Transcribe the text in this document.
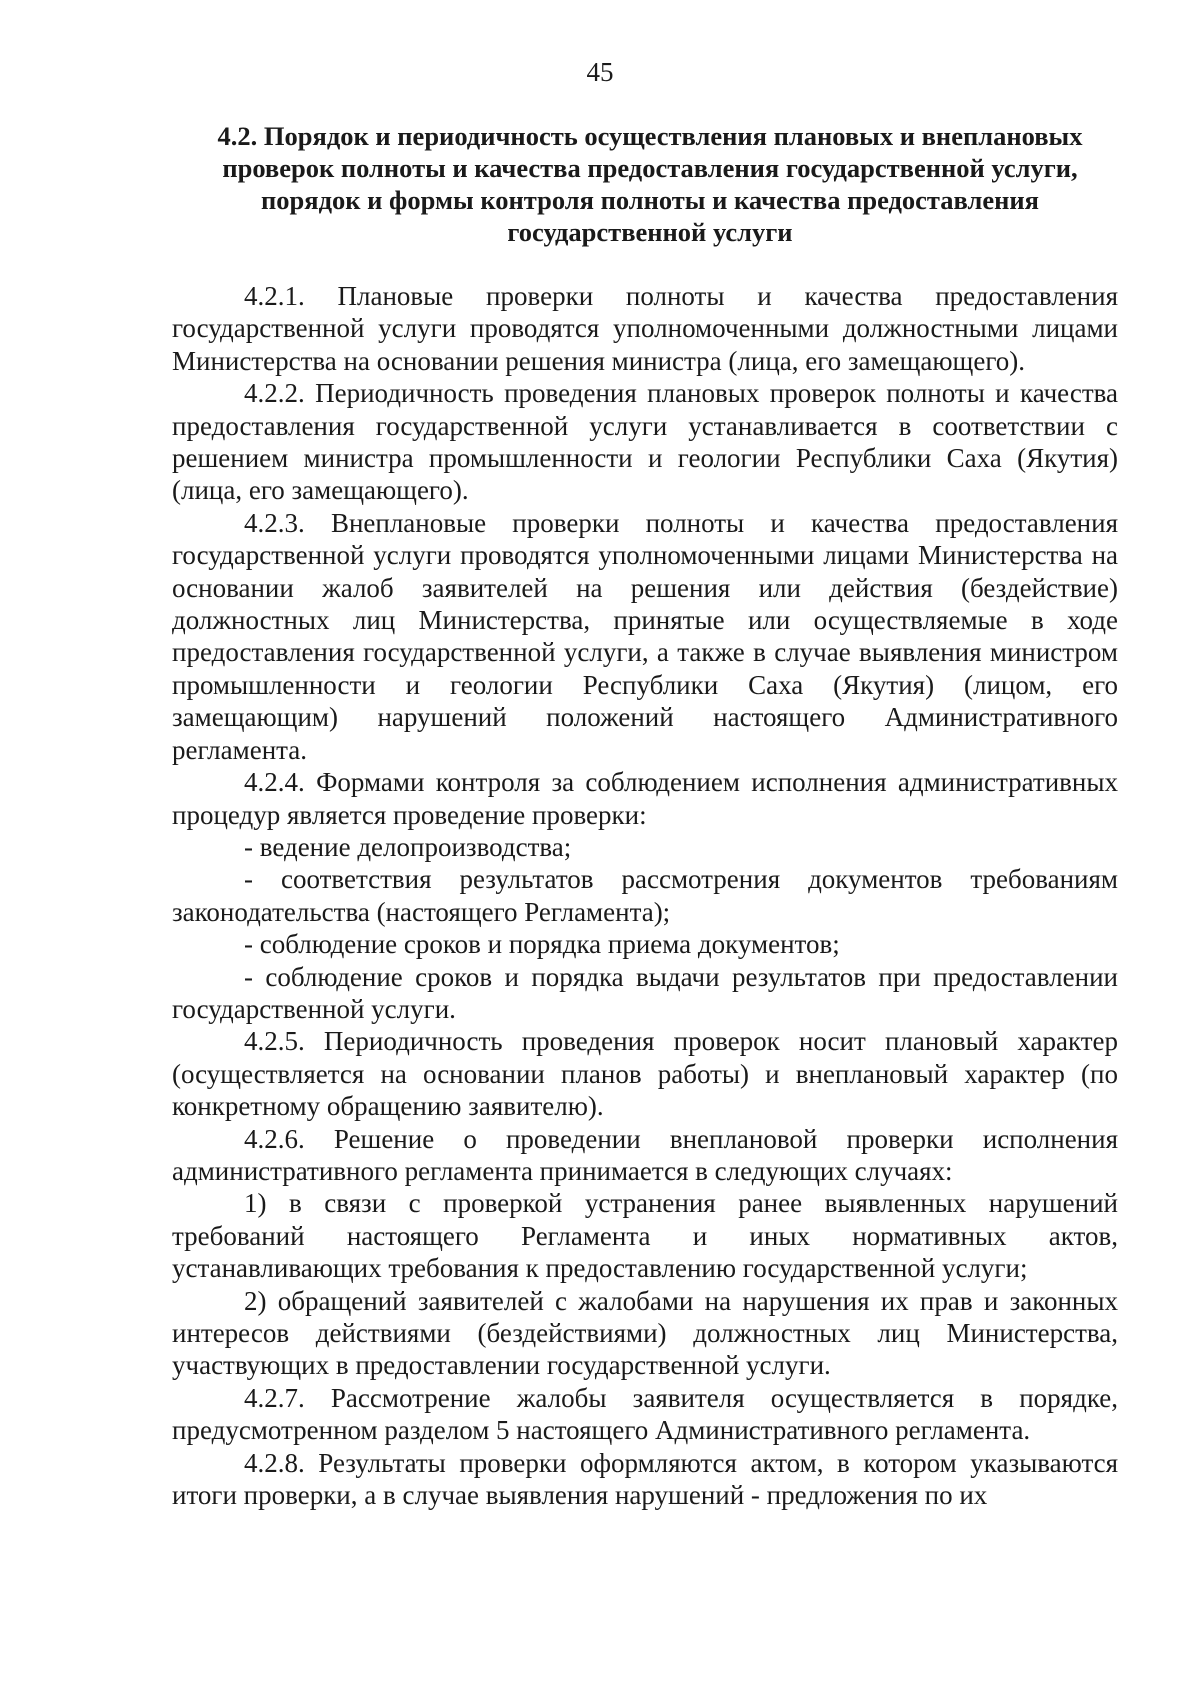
45
4.2. Порядок и периодичность осуществления плановых и внеплановых проверок полноты и качества предоставления государственной услуги, порядок и формы контроля полноты и качества предоставления государственной услуги

4.2.1. Плановые проверки полноты и качества предоставления государственной услуги проводятся уполномоченными должностными лицами Министерства на основании решения министра (лица, его замещающего).

4.2.2. Периодичность проведения плановых проверок полноты и качества предоставления государственной услуги устанавливается в соответствии с решением министра промышленности и геологии Республики Саха (Якутия) (лица, его замещающего).

4.2.3. Внеплановые проверки полноты и качества предоставления государственной услуги проводятся уполномоченными лицами Министерства на основании жалоб заявителей на решения или действия (бездействие) должностных лиц Министерства, принятые или осуществляемые в ходе предоставления государственной услуги, а также в случае выявления министром промышленности и геологии Республики Саха (Якутия) (лицом, его замещающим) нарушений положений настоящего Административного регламента.

4.2.4. Формами контроля за соблюдением исполнения административных процедур является проведение проверки:

- ведение делопроизводства;

- соответствия результатов рассмотрения документов требованиям законодательства (настоящего Регламента);

- соблюдение сроков и порядка приема документов;

- соблюдение сроков и порядка выдачи результатов при предоставлении государственной услуги.

4.2.5. Периодичность проведения проверок носит плановый характер (осуществляется на основании планов работы) и внеплановый характер (по конкретному обращению заявителю).

4.2.6. Решение о проведении внеплановой проверки исполнения административного регламента принимается в следующих случаях:

1) в связи с проверкой устранения ранее выявленных нарушений требований настоящего Регламента и иных нормативных актов, устанавливающих требования к предоставлению государственной услуги;

2) обращений заявителей с жалобами на нарушения их прав и законных интересов действиями (бездействиями) должностных лиц Министерства, участвующих в предоставлении государственной услуги.

4.2.7. Рассмотрение жалобы заявителя осуществляется в порядке, предусмотренном разделом 5 настоящего Административного регламента.

4.2.8. Результаты проверки оформляются актом, в котором указываются итоги проверки, а в случае выявления нарушений - предложения по их
